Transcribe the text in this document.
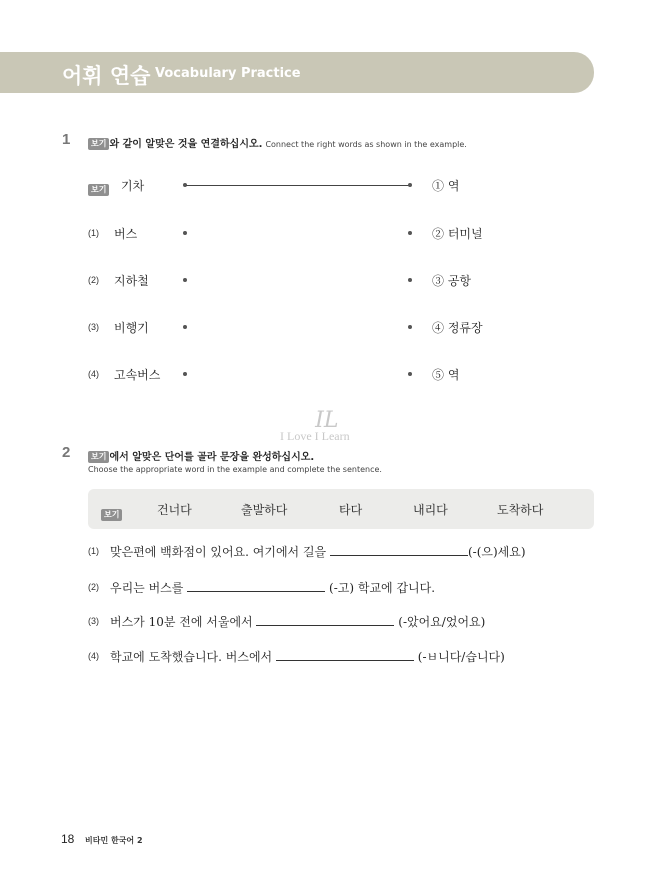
어휘 연습 Vocabulary Practice
1	보기 와 같이 알맞은 것을 연결하십시오. Connect the right words as shown in the example.
보기 기차	① 역
(1) 버스	② 터미널
(2) 지하철	③ 공항
(3) 비행기	④ 정류장
(4) 고속버스	⑤ 역
IL
I Love I Learn
2	보기 에서 알맞은 단어를 골라 문장을 완성하십시오.
Choose the appropriate word in the example and complete the sentence.
보기	건너다	출발하다	타다	내리다	도착하다
(1) 맞은편에 백화점이 있어요. 여기에서 길을	(-(으)세요)
(2) 우리는 버스를	(-고) 학교에 갑니다.
(3) 버스가 10분 전에 서울에서	(-았어요/었어요)
(4) 학교에 도착했습니다. 버스에서	(-ㅂ니다/습니다)
18 비타민 한국어 2
